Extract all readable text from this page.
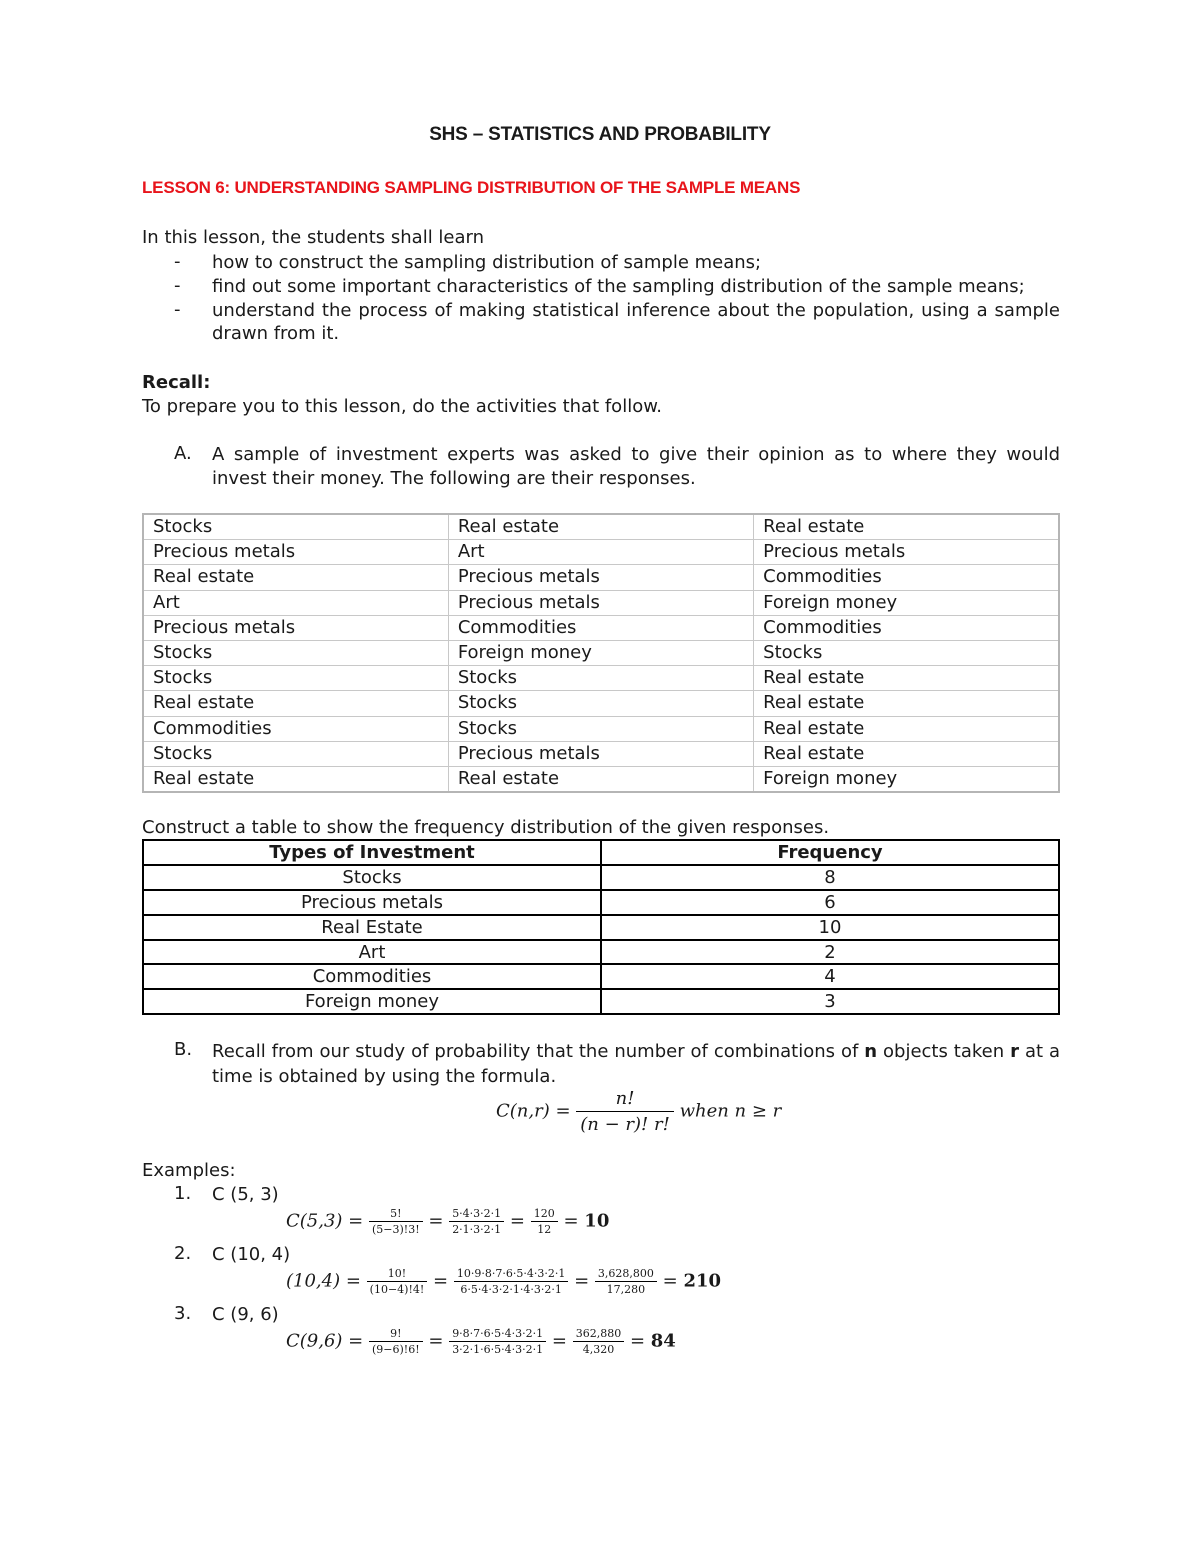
SHS – STATISTICS AND PROBABILITY
LESSON 6: UNDERSTANDING SAMPLING DISTRIBUTION OF THE SAMPLE MEANS
In this lesson, the students shall learn
- how to construct the sampling distribution of sample means;
- find out some important characteristics of the sampling distribution of the sample means;
- understand the process of making statistical inference about the population, using a sample drawn from it.
Recall:
To prepare you to this lesson, do the activities that follow.
A. A sample of investment experts was asked to give their opinion as to where they would invest their money. The following are their responses.
Stocks	Real estate	Real estate
Precious metals	Art	Precious metals
Real estate	Precious metals	Commodities
Art	Precious metals	Foreign money
Precious metals	Commodities	Commodities
Stocks	Foreign money	Stocks
Stocks	Stocks	Real estate
Real estate	Stocks	Real estate
Commodities	Stocks	Real estate
Stocks	Precious metals	Real estate
Real estate	Real estate	Foreign money
Construct a table to show the frequency distribution of the given responses.
Types of Investment	Frequency
Stocks	8
Precious metals	6
Real Estate	10
Art	2
Commodities	4
Foreign money	3
B. Recall from our study of probability that the number of combinations of n objects taken r at a time is obtained by using the formula.
$C(n,r) = \frac{n!}{(n - r)! r!}$ when n ≥ r
Examples:
1. C (5, 3)
$C(5,3) = \frac{5!}{(5-3)!3!} = \frac{5\cdot 4\cdot 3\cdot 2\cdot 1}{2\cdot 1\cdot 3\cdot 2\cdot 1} = \frac{120}{12} = 10$
2. C (10, 4)
$(10,4) = \frac{10!}{(10-4)!4!} = \frac{10\cdot 9\cdot 8\cdot 7\cdot 6\cdot 5\cdot 4\cdot 3\cdot 2\cdot 1}{6\cdot 5\cdot 4\cdot 3\cdot 2\cdot 1\cdot 4\cdot 3\cdot 2\cdot 1} = \frac{3,628,800}{17,280} = 210$
3. C (9, 6)
$C(9,6) = \frac{9!}{(9-6)!6!} = \frac{9\cdot 8\cdot 7\cdot 6\cdot 5\cdot 4\cdot 3\cdot 2\cdot 1}{3\cdot 2\cdot 1\cdot 6\cdot 5\cdot 4\cdot 3\cdot 2\cdot 1} = \frac{362,880}{4,320} = 84$
